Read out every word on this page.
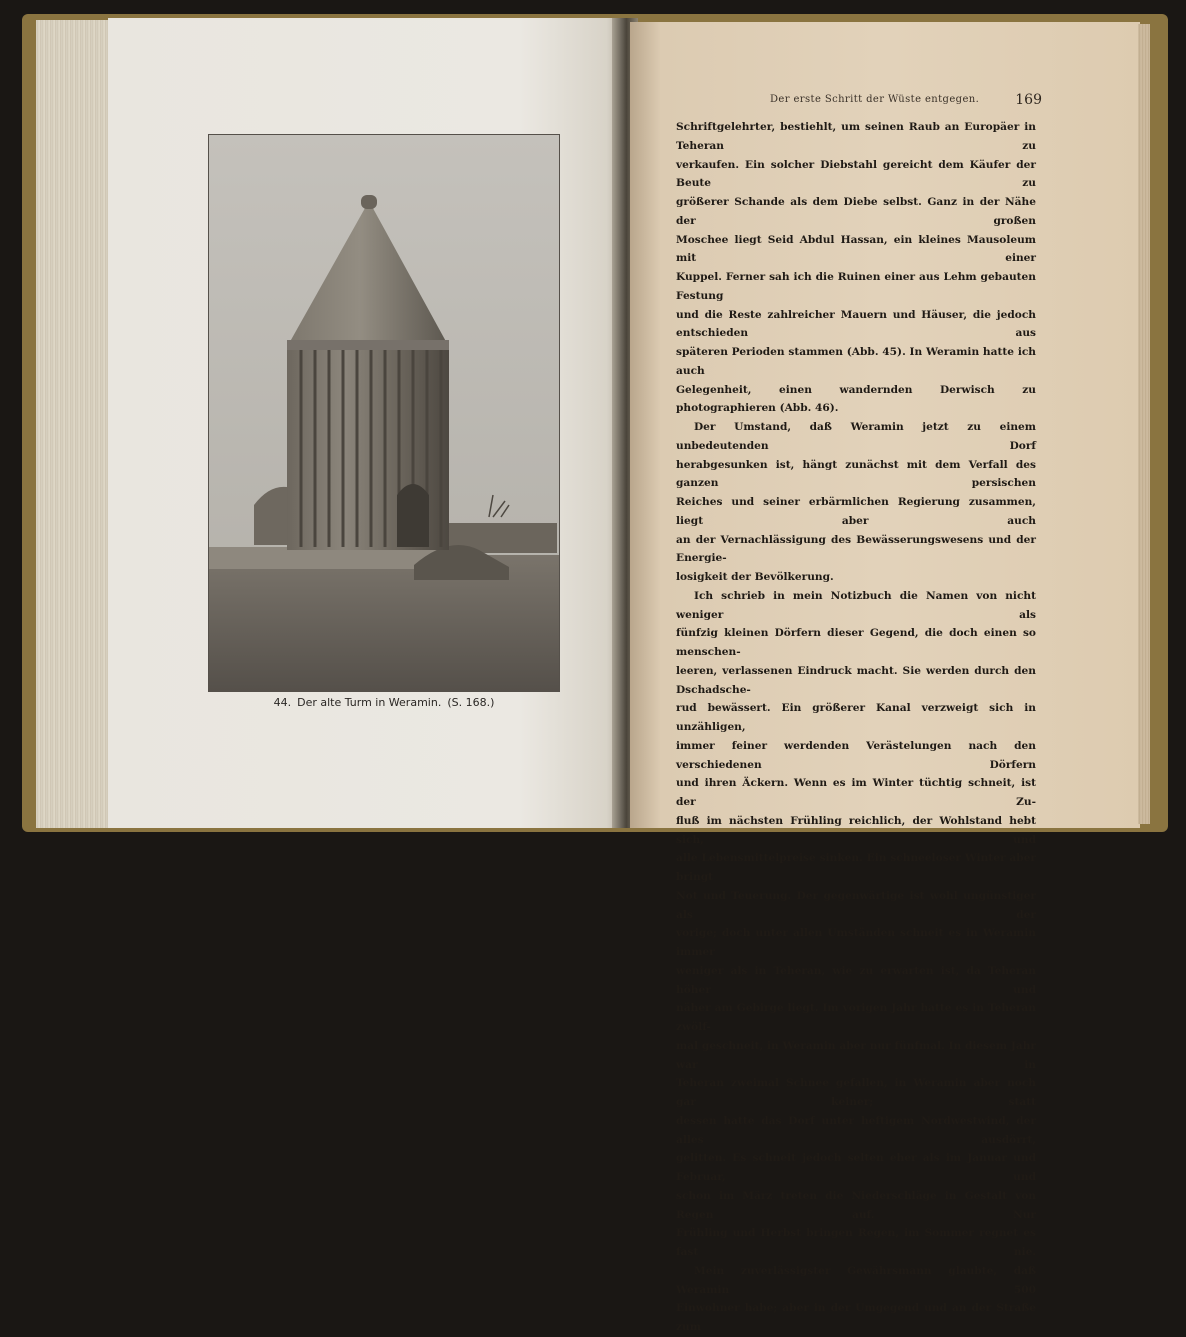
44. Der alte Turm in Weramin. (S. 168.)
Der erste Schritt der Wüste entgegen.	169

Schriftgelehrter, bestiehlt, um seinen Raub an Europäer in Teheran zu

verkaufen. Ein solcher Diebstahl gereicht dem Käufer der Beute zu

größerer Schande als dem Diebe selbst. Ganz in der Nähe der großen

Moschee liegt Seid Abdul Hassan, ein kleines Mausoleum mit einer

Kuppel. Ferner sah ich die Ruinen einer aus Lehm gebauten Festung

und die Reste zahlreicher Mauern und Häuser, die jedoch entschieden aus

späteren Perioden stammen (Abb. 45). In Weramin hatte ich auch

Gelegenheit, einen wandernden Derwisch zu photographieren (Abb. 46).

Der Umstand, daß Weramin jetzt zu einem unbedeutenden Dorf

herabgesunken ist, hängt zunächst mit dem Verfall des ganzen persischen

Reiches und seiner erbärmlichen Regierung zusammen, liegt aber auch

an der Vernachlässigung des Bewässerungswesens und der Energie-

losigkeit der Bevölkerung.

Ich schrieb in mein Notizbuch die Namen von nicht weniger als

fünfzig kleinen Dörfern dieser Gegend, die doch einen so menschen-

leeren, verlassenen Eindruck macht. Sie werden durch den Dschadsche-

rud bewässert. Ein größerer Kanal verzweigt sich in unzähligen,

immer feiner werdenden Verästelungen nach den verschiedenen Dörfern

und ihren Äckern. Wenn es im Winter tüchtig schneit, ist der Zu-

fluß im nächsten Frühling reichlich, der Wohlstand hebt sich, und

alle Lebensmittelpreise sinken. Ein schneeloser Winter aber bringt

Not und Teuerung. Der gegenwärtige ist wohl ungünstiger als der

vorige; doch unter allen Umständen schneit es in Weramin immer

weniger als in Teheran, wie zu erwarten ist, da Teheran höher und

näher am Gebirge liegt. Im vorigen Jahr hatte es in Teheran zwölf-

mal geschneit, in Weramin aber nur fünfmal. In diesem Jahr war in

Teheran zweimal Schnee gefallen, in Weramin aber noch gar keiner; statt

dessen hatte das Dorf unter heftigem Nordwestwind, der alles ausdörrt,

gelitten. Es schneit jedoch selten eher als im Januar und Februar, und

schon im März treten die Niederschläge in Gestalt von Regen auf. Nur

Frühling und Herbst bringen Regen, im Sommer regnet es fast nie.

Mein zuverlässigster Gewährsmann glaubte, daß Weramin 500

Einwohner habe; aber in der Umgegend und an der Straße zum
